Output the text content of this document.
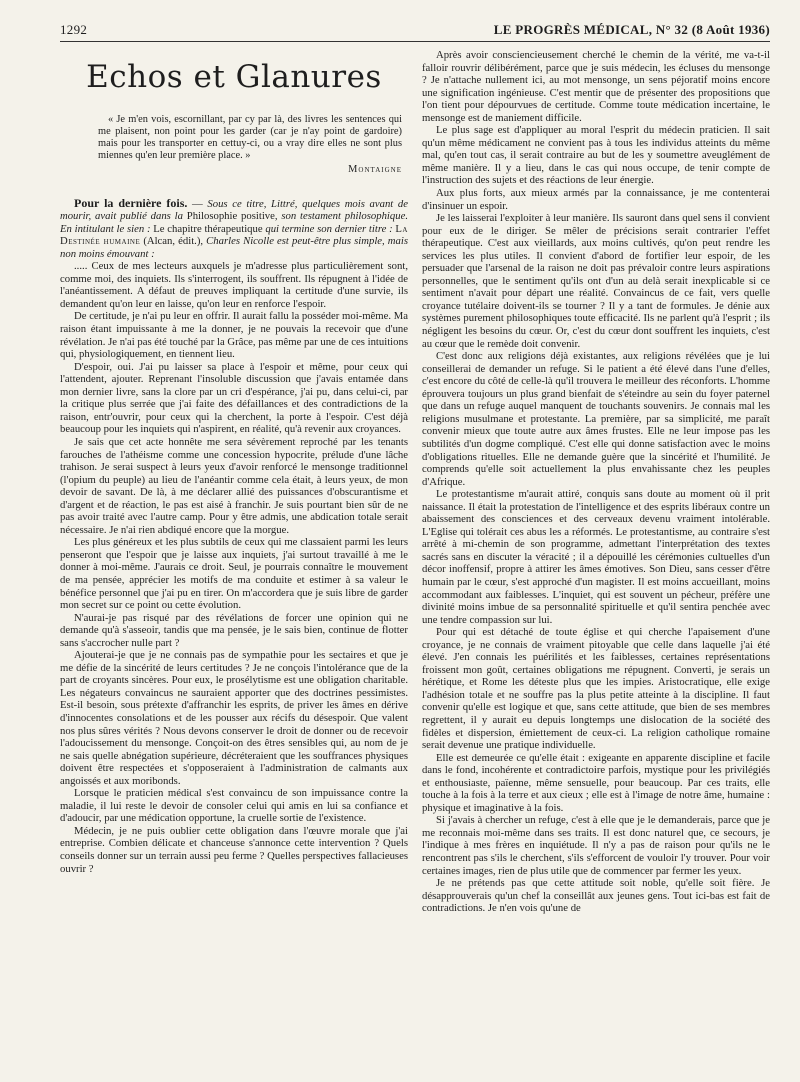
1292	LE PROGRÈS MÉDICAL, N° 32 (8 Août 1936)
Echos et Glanures

« Je m'en vois, escornillant, par cy par là, des livres les sentences qui me plaisent, non point pour les garder (car je n'ay point de gardoire) mais pour les transporter en cettuy-ci, ou a vray dire elles ne sont plus miennes qu'en leur première place. »

Montaigne

Pour la dernière fois. — Sous ce titre, Littré, quelques mois avant de mourir, avait publié dans la Philosophie positive, son testament philosophique. En intitulant le sien : Le chapitre thérapeutique qui termine son dernier titre : La Destinée humaine (Alcan, édit.), Charles Nicolle est peut-être plus simple, mais non moins émouvant :

..... Ceux de mes lecteurs auxquels je m'adresse plus particulièrement sont, comme moi, des inquiets. Ils s'interrogent, ils souffrent. Ils répugnent à l'idée de l'anéantissement. A défaut de preuves impliquant la certitude d'une survie, ils demandent qu'on leur en laisse, qu'on leur en renforce l'espoir.

De certitude, je n'ai pu leur en offrir. Il aurait fallu la posséder moi-même. Ma raison étant impuissante à me la donner, je ne pouvais la recevoir que d'une révélation. Je n'ai pas été touché par la Grâce, pas même par une de ces intuitions qui, physiologiquement, en tiennent lieu.

D'espoir, oui. J'ai pu laisser sa place à l'espoir et même, pour ceux qui l'attendent, ajouter. Reprenant l'insoluble discussion que j'avais entamée dans mon dernier livre, sans la clore par un cri d'espérance, j'ai pu, dans celui-ci, par la critique plus serrée que j'ai faite des défaillances et des contradictions de la raison, entr'ouvrir, pour ceux qui la cherchent, la porte à l'espoir. C'est déjà beaucoup pour les inquiets qui n'aspirent, en réalité, qu'à revenir aux croyances.

Je sais que cet acte honnête me sera sévèrement reproché par les tenants farouches de l'athéisme comme une concession hypocrite, prélude d'une lâche trahison. Je serai suspect à leurs yeux d'avoir renforcé le mensonge traditionnel (l'opium du peuple) au lieu de l'anéantir comme cela était, à leurs yeux, de mon devoir de savant. De là, à me déclarer allié des puissances d'obscurantisme et d'argent et de réaction, le pas est aisé à franchir. Je suis pourtant bien sûr de ne pas avoir traité avec l'autre camp. Pour y être admis, une abdication totale serait nécessaire. Je n'ai rien abdiqué encore que la morgue.

Les plus généreux et les plus subtils de ceux qui me classaient parmi les leurs penseront que l'espoir que je laisse aux inquiets, j'ai surtout travaillé à me le donner à moi-même. J'aurais ce droit. Seul, je pourrais connaître le mouvement de ma pensée, apprécier les motifs de ma conduite et estimer à sa valeur le bénéfice personnel que j'ai pu en tirer. On m'accordera que je suis libre de garder mon secret sur ce point ou cette évolution.

N'aurai-je pas risqué par des révélations de forcer une opinion qui ne demande qu'à s'asseoir, tandis que ma pensée, je le sais bien, continue de flotter sans s'accrocher nulle part ?

Ajouterai-je que je ne connais pas de sympathie pour les sectaires et que je me défie de la sincérité de leurs certitudes ? Je ne conçois l'intolérance que de la part de croyants sincères. Pour eux, le prosélytisme est une obligation charitable. Les négateurs convaincus ne sauraient apporter que des doctrines pessimistes. Est-il besoin, sous prétexte d'affranchir les esprits, de priver les âmes en dérive d'innocentes consolations et de les pousser aux récifs du désespoir. Que valent nos plus sûres vérités ? Nous devons conserver le droit de donner ou de recevoir l'adoucissement du mensonge. Conçoit-on des êtres sensibles qui, au nom de je ne sais quelle abnégation supérieure, décréteraient que les souffrances physiques doivent être respectées et s'opposeraient à l'administration de calmants aux angoissés et aux moribonds.

Lorsque le praticien médical s'est convaincu de son impuissance contre la maladie, il lui reste le devoir de consoler celui qui amis en lui sa confiance et d'adoucir, par une médication opportune, la cruelle sortie de l'existence.

Médecin, je ne puis oublier cette obligation dans l'œuvre morale que j'ai entreprise. Combien délicate et chanceuse s'annonce cette intervention ? Quels conseils donner sur un terrain aussi peu ferme ? Quelles perspectives fallacieuses ouvrir ?

Après avoir consciencieusement cherché le chemin de la vérité, me va-t-il falloir rouvrir délibérément, parce que je suis médecin, les écluses du mensonge ? Je n'attache nullement ici, au mot mensonge, un sens péjoratif moins encore une signification ingénieuse. C'est mentir que de présenter des propositions que l'on tient pour dépourvues de certitude. Comme toute médication incertaine, le mensonge est de maniement difficile.

Le plus sage est d'appliquer au moral l'esprit du médecin praticien. Il sait qu'un même médicament ne convient pas à tous les individus atteints du même mal, qu'en tout cas, il serait contraire au but de les y soumettre aveuglément de même manière. Il y a lieu, dans le cas qui nous occupe, de tenir compte de l'instruction des sujets et des réactions de leur énergie.

Aux plus forts, aux mieux armés par la connaissance, je me contenterai d'insinuer un espoir.

Je les laisserai l'exploiter à leur manière. Ils sauront dans quel sens il convient pour eux de le diriger. Se mêler de précisions serait contrarier l'effet thérapeutique. C'est aux vieillards, aux moins cultivés, qu'on peut rendre les services les plus utiles. Il convient d'abord de fortifier leur espoir, de les persuader que l'arsenal de la raison ne doit pas prévaloir contre leurs aspirations personnelles, que le sentiment qu'ils ont d'un au delà serait inexplicable si ce sentiment n'avait pour départ une réalité. Convaincus de ce fait, vers quelle croyance tutélaire doivent-ils se tourner ? Il y a tant de formules. Je dénie aux systèmes purement philosophiques toute efficacité. Ils ne parlent qu'à l'esprit ; ils négligent les besoins du cœur. Or, c'est du cœur dont souffrent les inquiets, c'est au cœur que le remède doit convenir.

C'est donc aux religions déjà existantes, aux religions révélées que je lui conseillerai de demander un refuge. Si le patient a été élevé dans l'une d'elles, c'est encore du côté de celle-là qu'il trouvera le meilleur des réconforts. L'homme éprouvera toujours un plus grand bienfait de s'éteindre au sein du foyer paternel que dans un refuge auquel manquent de touchants souvenirs. Je connais mal les religions musulmane et protestante. La première, par sa simplicité, me paraît convenir mieux que toute autre aux âmes frustes. Elle ne leur impose pas les subtilités d'un dogme compliqué. C'est elle qui donne satisfaction avec le moins d'obligations rituelles. Elle ne demande guère que la sincérité et l'humilité. Je comprends qu'elle soit actuellement la plus envahissante chez les peuples d'Afrique.

Le protestantisme m'aurait attiré, conquis sans doute au moment où il prit naissance. Il était la protestation de l'intelligence et des esprits libéraux contre un abaissement des consciences et des cerveaux devenu vraiment intolérable. L'Eglise qui tolérait ces abus les a réformés. Le protestantisme, au contraire s'est arrêté à mi-chemin de son programme, admettant l'interprétation des textes sacrés sans en discuter la véracité ; il a dépouillé les cérémonies cultuelles d'un décor inoffensif, propre à attirer les âmes émotives. Son Dieu, sans cesser d'être humain par le cœur, s'est approché d'un magister. Il est moins accueillant, moins accommodant aux faiblesses. L'inquiet, qui est souvent un pécheur, préfère une divinité moins imbue de sa personnalité spirituelle et qu'il sentira penchée avec une tendre compassion sur lui.

Pour qui est détaché de toute église et qui cherche l'apaisement d'une croyance, je ne connais de vraiment pitoyable que celle dans laquelle j'ai été élevé. J'en connais les puérilités et les faiblesses, certaines représentations froissent mon goût, certaines obligations me répugnent. Converti, je serais un hérétique, et Rome les déteste plus que les impies. Aristocratique, elle exige l'adhésion totale et ne souffre pas la plus petite atteinte à la discipline. Il faut convenir qu'elle est logique et que, sans cette attitude, que bien de ses membres regrettent, il y aurait eu depuis longtemps une dislocation de la société des fidèles et dispersion, émiettement de ceux-ci. La religion catholique romaine serait devenue une pratique individuelle.

Elle est demeurée ce qu'elle était : exigeante en apparente discipline et facile dans le fond, incohérente et contradictoire parfois, mystique pour les privilégiés et enthousiaste, païenne, même sensuelle, pour beaucoup. Par ces traits, elle touche à la fois à la terre et aux cieux ; elle est à l'image de notre âme, humaine : physique et imaginative à la fois.

Si j'avais à chercher un refuge, c'est à elle que je le demanderais, parce que je me reconnais moi-même dans ses traits. Il est donc naturel que, ce secours, je l'indique à mes frères en inquiétude. Il n'y a pas de raison pour qu'ils ne le rencontrent pas s'ils le cherchent, s'ils s'efforcent de vouloir l'y trouver. Pour voir certaines images, rien de plus utile que de commencer par fermer les yeux.

Je ne prétends pas que cette attitude soit noble, qu'elle soit fière. Je désapprouverais qu'un chef la conseillât aux jeunes gens. Tout ici-bas est fait de contradictions. Je n'en vois qu'une de
